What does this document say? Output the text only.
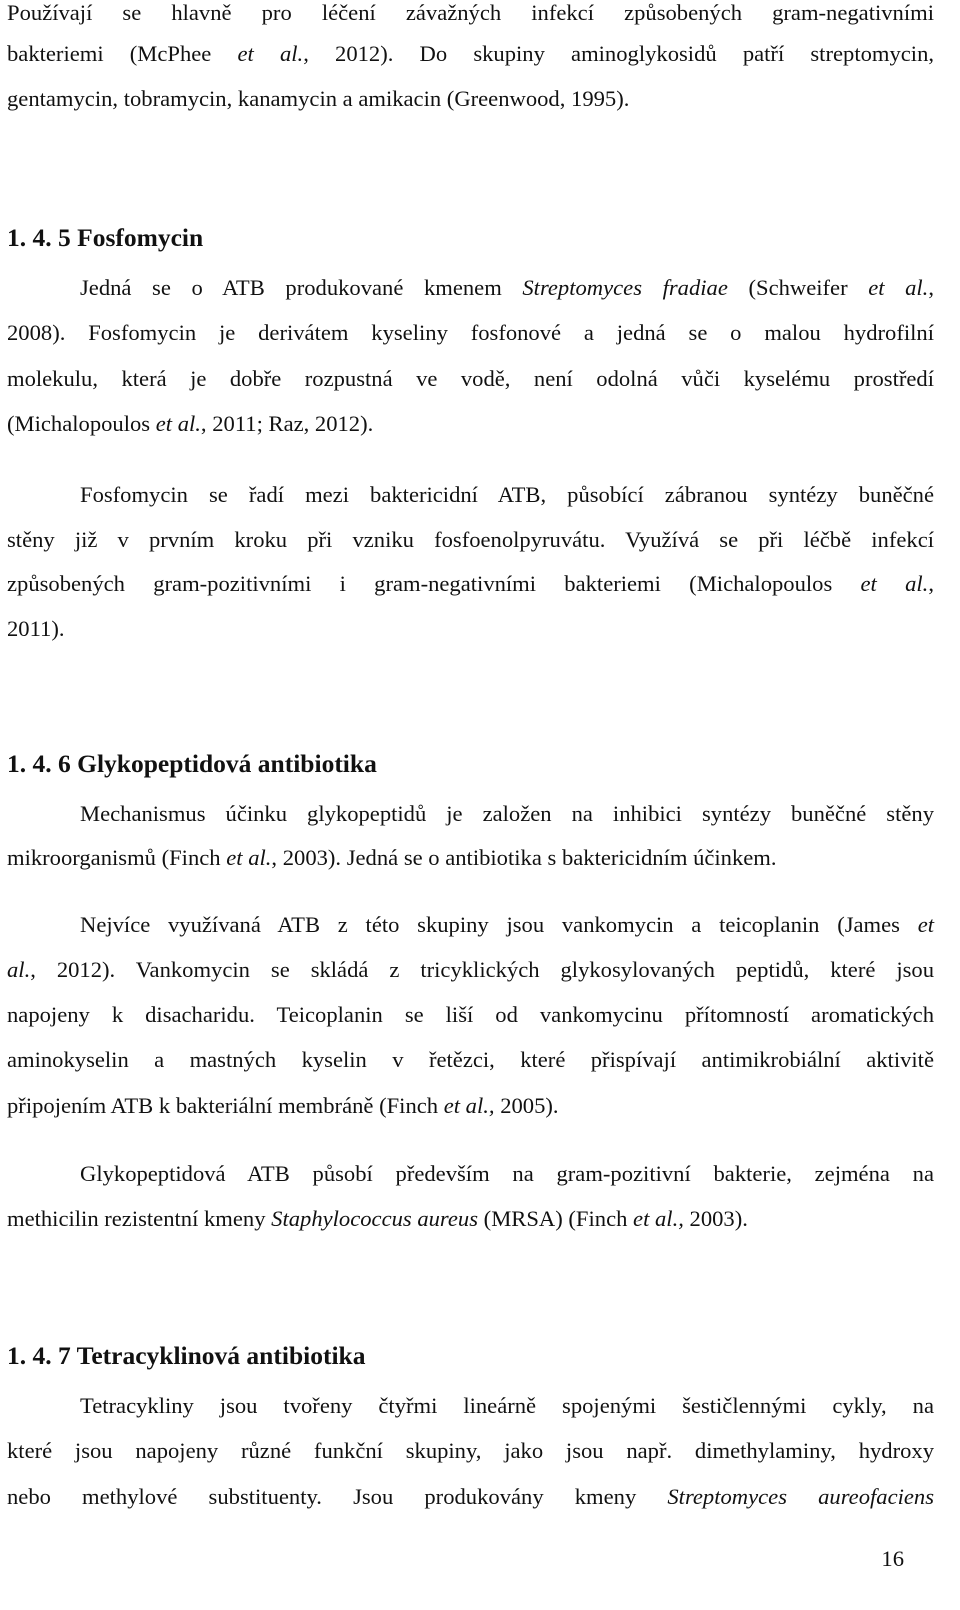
Používají se hlavně pro léčení závažných infekcí způsobených gram-negativními
bakteriemi (McPhee et al., 2012). Do skupiny aminoglykosidů patří streptomycin,
gentamycin, tobramycin, kanamycin a amikacin (Greenwood, 1995).
1. 4. 5 Fosfomycin
Jedná se o ATB produkované kmenem Streptomyces fradiae (Schweifer et al.,
2008). Fosfomycin je derivátem kyseliny fosfonové a jedná se o malou hydrofilní
molekulu, která je dobře rozpustná ve vodě, není odolná vůči kyselému prostředí
(Michalopoulos et al., 2011; Raz, 2012).
Fosfomycin se řadí mezi baktericidní ATB, působící zábranou syntézy buněčné
stěny již v prvním kroku při vzniku fosfoenolpyruvátu. Využívá se při léčbě infekcí
způsobených gram-pozitivními i gram-negativními bakteriemi (Michalopoulos et al.,
2011).
1. 4. 6 Glykopeptidová antibiotika
Mechanismus účinku glykopeptidů je založen na inhibici syntézy buněčné stěny
mikroorganismů (Finch et al., 2003). Jedná se o antibiotika s baktericidním účinkem.
Nejvíce využívaná ATB z této skupiny jsou vankomycin a teicoplanin (James et
al., 2012). Vankomycin se skládá z tricyklických glykosylovaných peptidů, které jsou
napojeny k disacharidu. Teicoplanin se liší od vankomycinu přítomností aromatických
aminokyselin a mastných kyselin v řetězci, které přispívají antimikrobiální aktivitě
připojením ATB k bakteriální membráně (Finch et al., 2005).
Glykopeptidová ATB působí především na gram-pozitivní bakterie, zejména na
methicilin rezistentní kmeny Staphylococcus aureus (MRSA) (Finch et al., 2003).
1. 4. 7 Tetracyklinová antibiotika
Tetracykliny jsou tvořeny čtyřmi lineárně spojenými šestičlennými cykly, na
které jsou napojeny různé funkční skupiny, jako jsou např. dimethylaminy, hydroxy
nebo methylové substituenty. Jsou produkovány kmeny Streptomyces aureofaciens
16
